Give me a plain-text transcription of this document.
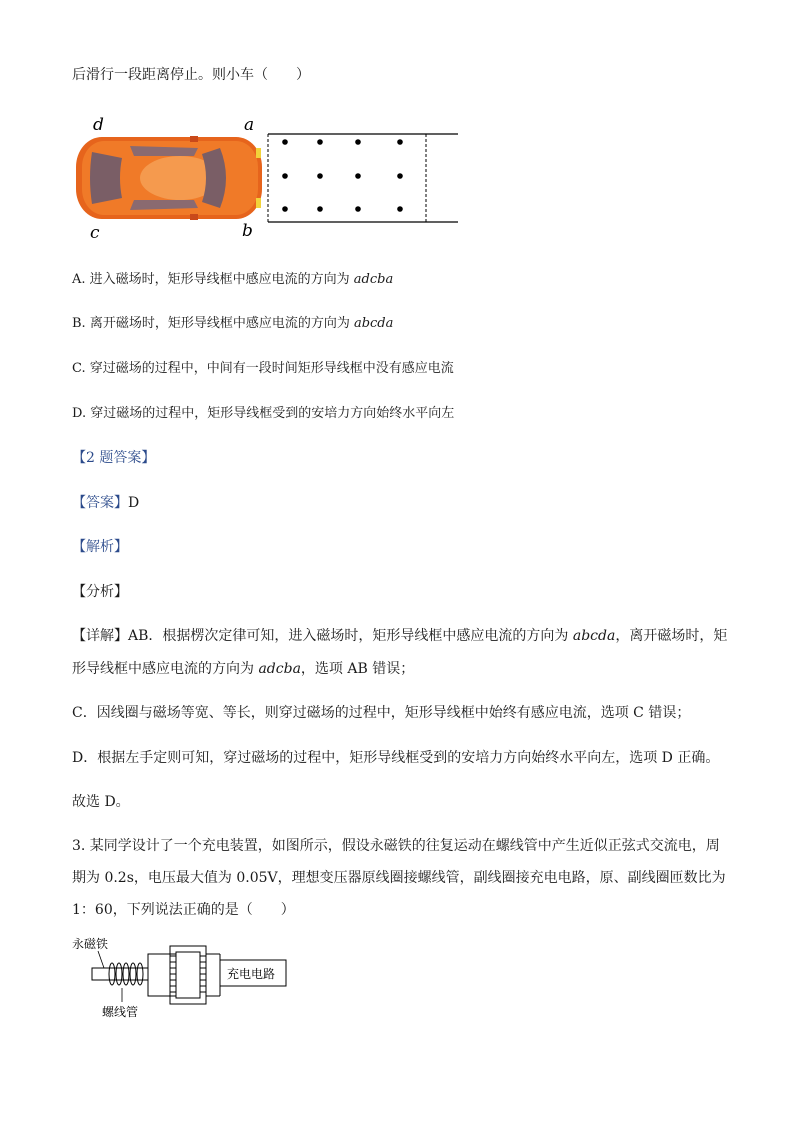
后滑行一段距离停止。则小车（　　）
d	a
c	b
A. 进入磁场时，矩形导线框中感应电流的方向为 adcba
B. 离开磁场时，矩形导线框中感应电流的方向为 abcda
C. 穿过磁场的过程中，中间有一段时间矩形导线框中没有感应电流
D. 穿过磁场的过程中，矩形导线框受到的安培力方向始终水平向左
【2 题答案】
【答案】D
【解析】
【分析】
【详解】AB．根据楞次定律可知，进入磁场时，矩形导线框中感应电流的方向为 abcda，离开磁场时，矩
形导线框中感应电流的方向为 adcba，选项 AB 错误；
C．因线圈与磁场等宽、等长，则穿过磁场的过程中，矩形导线框中始终有感应电流，选项 C 错误；
D．根据左手定则可知，穿过磁场的过程中，矩形导线框受到的安培力方向始终水平向左，选项 D 正确。
故选 D。
3. 某同学设计了一个充电装置，如图所示，假设永磁铁的往复运动在螺线管中产生近似正弦式交流电，周
期为 0.2s，电压最大值为 0.05V，理想变压器原线圈接螺线管，副线圈接充电电路，原、副线圈匝数比为
1：60，下列说法正确的是（　　）
永磁铁
螺线管
充电电路
